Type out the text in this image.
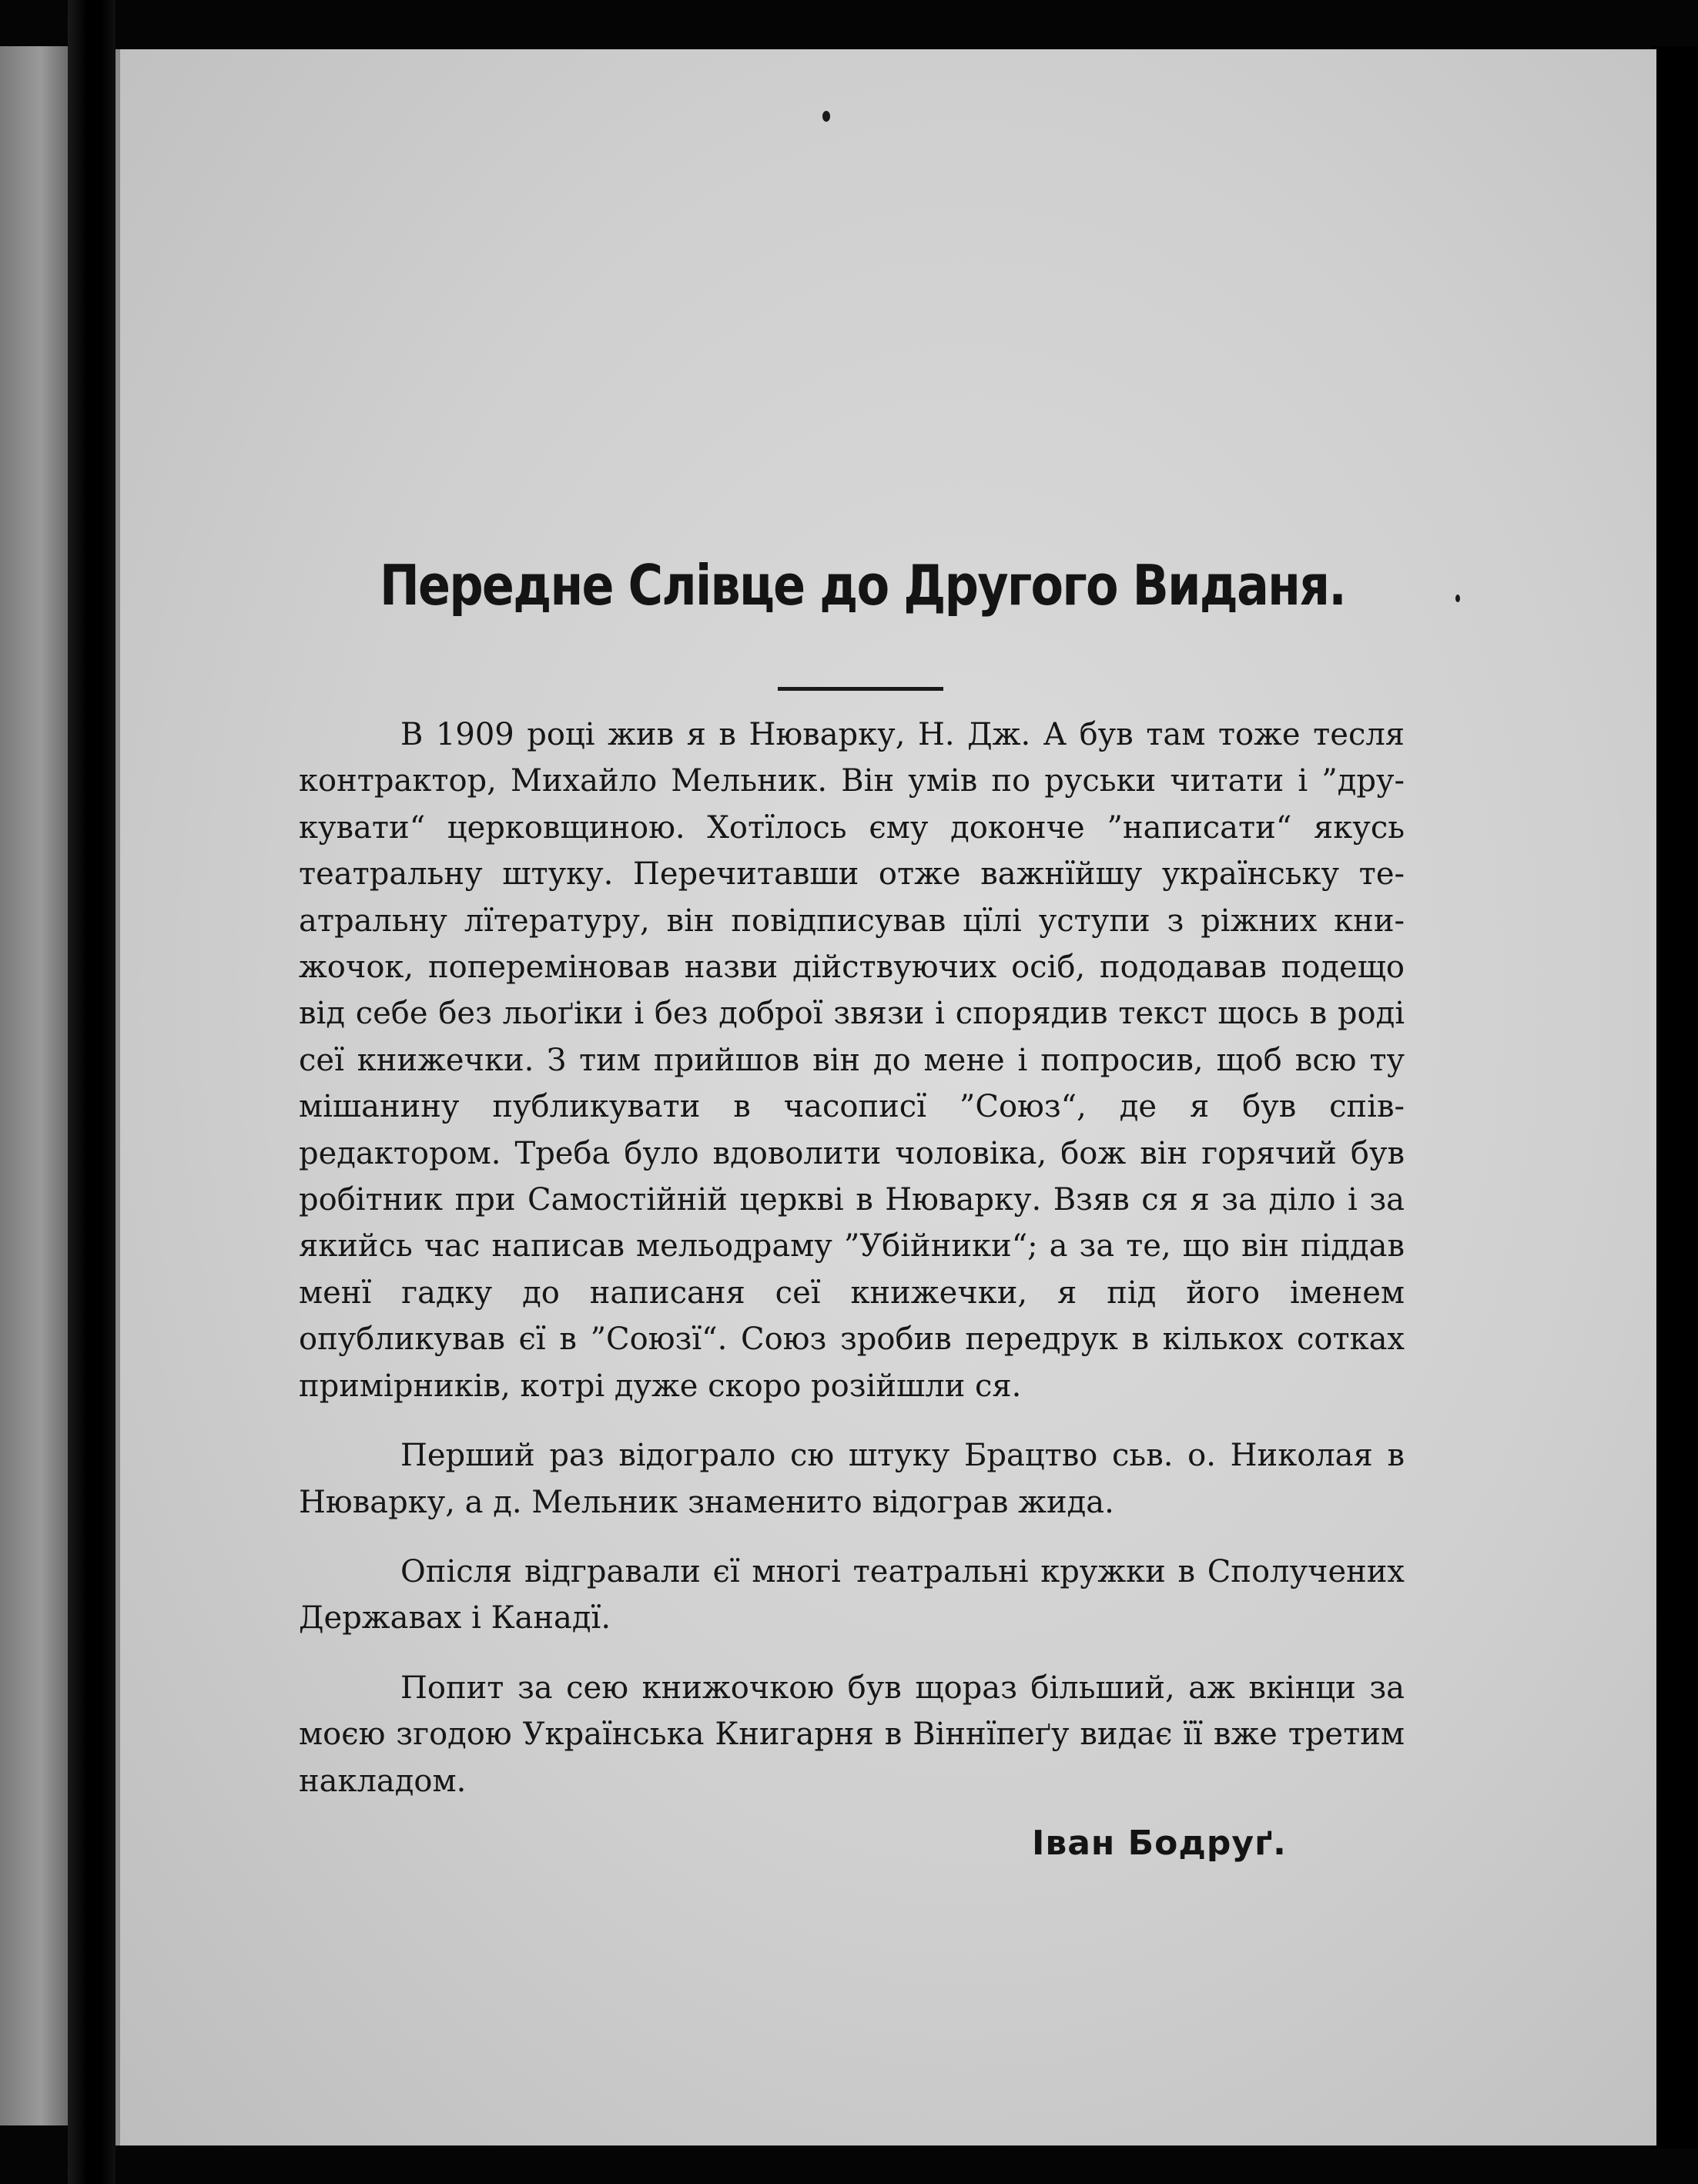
Передне Слівце до Другого Виданя.

В 1909 році жив я в Нюварку, Н. Дж. А був там тоже тесля контрактор, Михайло Мельник. Він умів по руськи читати і ”друкувати“ церковщиною. Хотїлось єму доконче ”написати“ якусь театральну штуку. Перечитавши отже важнїйшу українську театральну лїтературу, він повідписував цїлі уступи з ріжних книжочок, попереміновав назви дійствуючих осіб, пододавав подещo від себе без льоґіки і без доброї звязи і спорядив текст щось в роді сеї книжечки. З тим прийшов він до мене і попросив, щоб всю ту мішанину публикувати в часописї ”Союз“, де я був співредактором. Треба було вдоволити чоловіка, бож він горячий був робітник при Самостійній церкві в Нюварку. Взяв ся я за діло і за якийсь час написав мельодраму ”Убійники“; а за те, що він піддав менї гадку до написаня сеї книжечки, я під його іменем опубликував єї в ”Союзї“. Союз зробив передрук в кількох сотках примірників, котрі дуже скоро розійшли ся.

Перший раз відограло сю штуку Брацтво сьв. о. Николая в Нюварку, а д. Мельник знаменито відограв жида.

Опісля відгравали єї многі театральні кружки в Сполучених Державах і Канадї.

Попит за сею книжочкою був щораз більший, аж вкінци за моєю згодою Українська Книгарня в Віннїпеґу видає її вже третим накладом.

Іван Бодруґ.
